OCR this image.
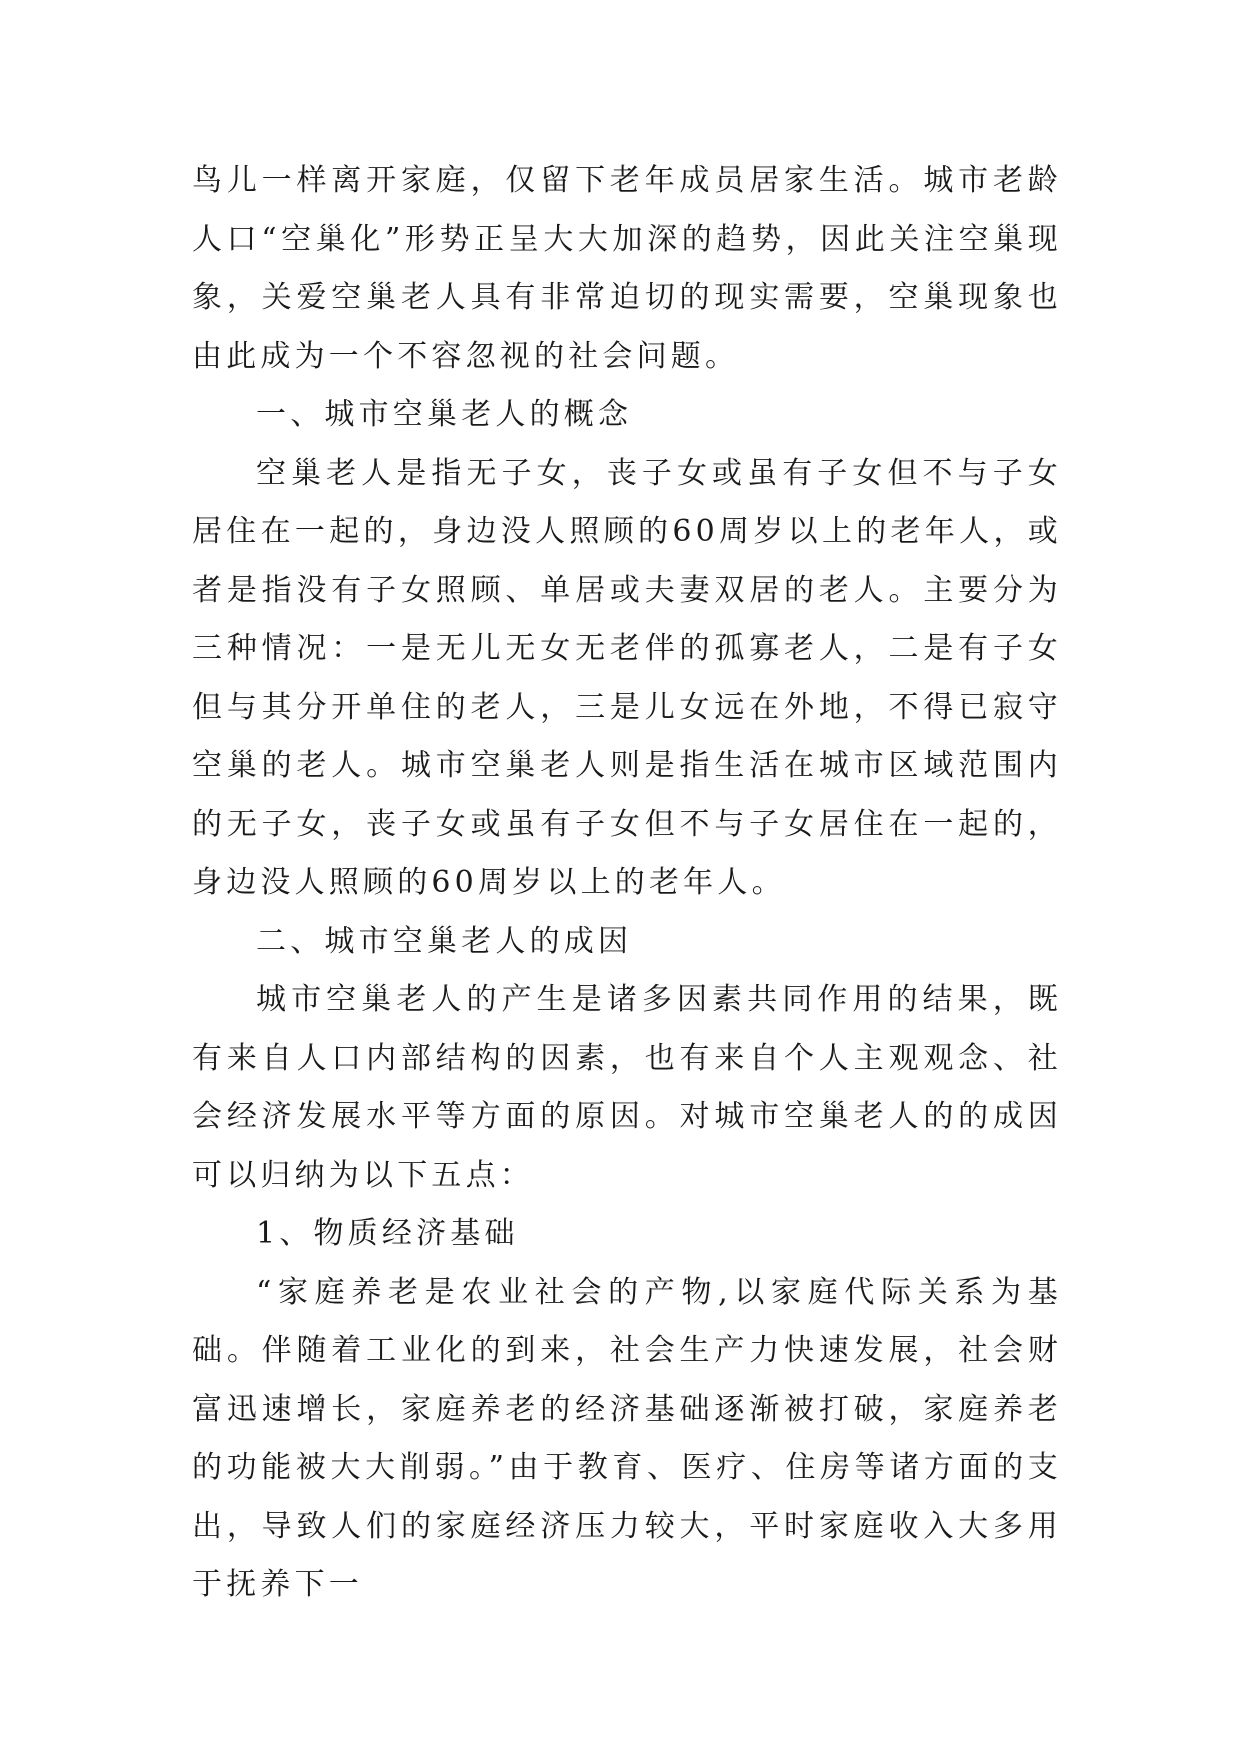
鸟儿一样离开家庭，仅留下老年成员居家生活。城市老龄人口“空巢化”形势正呈大大加深的趋势，因此关注空巢现象，关爱空巢老人具有非常迫切的现实需要，空巢现象也由此成为一个不容忽视的社会问题。

一、城市空巢老人的概念

空巢老人是指无子女，丧子女或虽有子女但不与子女居住在一起的，身边没人照顾的60周岁以上的老年人，或者是指没有子女照顾、单居或夫妻双居的老人。主要分为三种情况：一是无儿无女无老伴的孤寡老人，二是有子女但与其分开单住的老人，三是儿女远在外地，不得已寂守空巢的老人。城市空巢老人则是指生活在城市区域范围内的无子女，丧子女或虽有子女但不与子女居住在一起的，身边没人照顾的60周岁以上的老年人。

二、城市空巢老人的成因

城市空巢老人的产生是诸多因素共同作用的结果，既有来自人口内部结构的因素，也有来自个人主观观念、社会经济发展水平等方面的原因。对城市空巢老人的的成因可以归纳为以下五点：

1、物质经济基础

“家庭养老是农业社会的产物,以家庭代际关系为基础。伴随着工业化的到来，社会生产力快速发展，社会财富迅速增长，家庭养老的经济基础逐渐被打破，家庭养老的功能被大大削弱。”由于教育、医疗、住房等诸方面的支出，导致人们的家庭经济压力较大，平时家庭收入大多用于抚养下一
